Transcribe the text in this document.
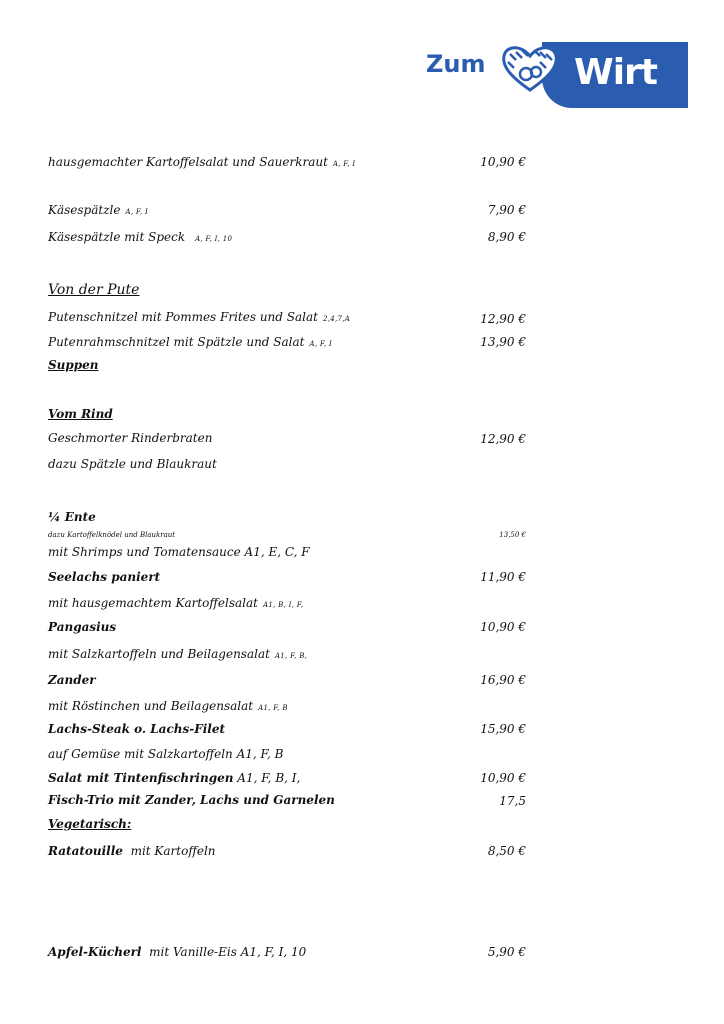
Zum Wirt
hausgemachter Kartoffelsalat und Sauerkraut A, F, I	10,90 €
Käsespätzle A, F, I	7,90 €
Käsespätzle mit Speck A, F, I, 10	8,90 €
Von der Pute
Putenschnitzel mit Pommes Frites und Salat 2,4,7,A	12,90 €
Putenrahmschnitzel mit Spätzle und Salat A, F, I	13,90 €
Suppen
Vom Rind
Geschmorter Rinderbraten	12,90 €
dazu Spätzle und Blaukraut
¼ Ente
dazu Kartoffelknödel und Blaukraut	13,50 €
mit Shrimps und Tomatensauce A1, E, C, F
Seelachs paniert	11,90 €
mit hausgemachtem Kartoffelsalat A1, B, I, F,
Pangasius	10,90 €
mit Salzkartoffeln und Beilagensalat A1, F, B,
Zander	16,90 €
mit Röstinchen und Beilagensalat A1, F, B
Lachs-Steak o. Lachs-Filet	15,90 €
auf Gemüse mit Salzkartoffeln A1, F, B
Salat mit Tintenfischringen A1, F, B, I,	10,90 €
Fisch-Trio mit Zander, Lachs und Garnelen	17,5
Vegetarisch:
Ratatouille mit Kartoffeln	8,50 €
Apfel-Kücherl mit Vanille-Eis A1, F, I, 10	5,90 €
